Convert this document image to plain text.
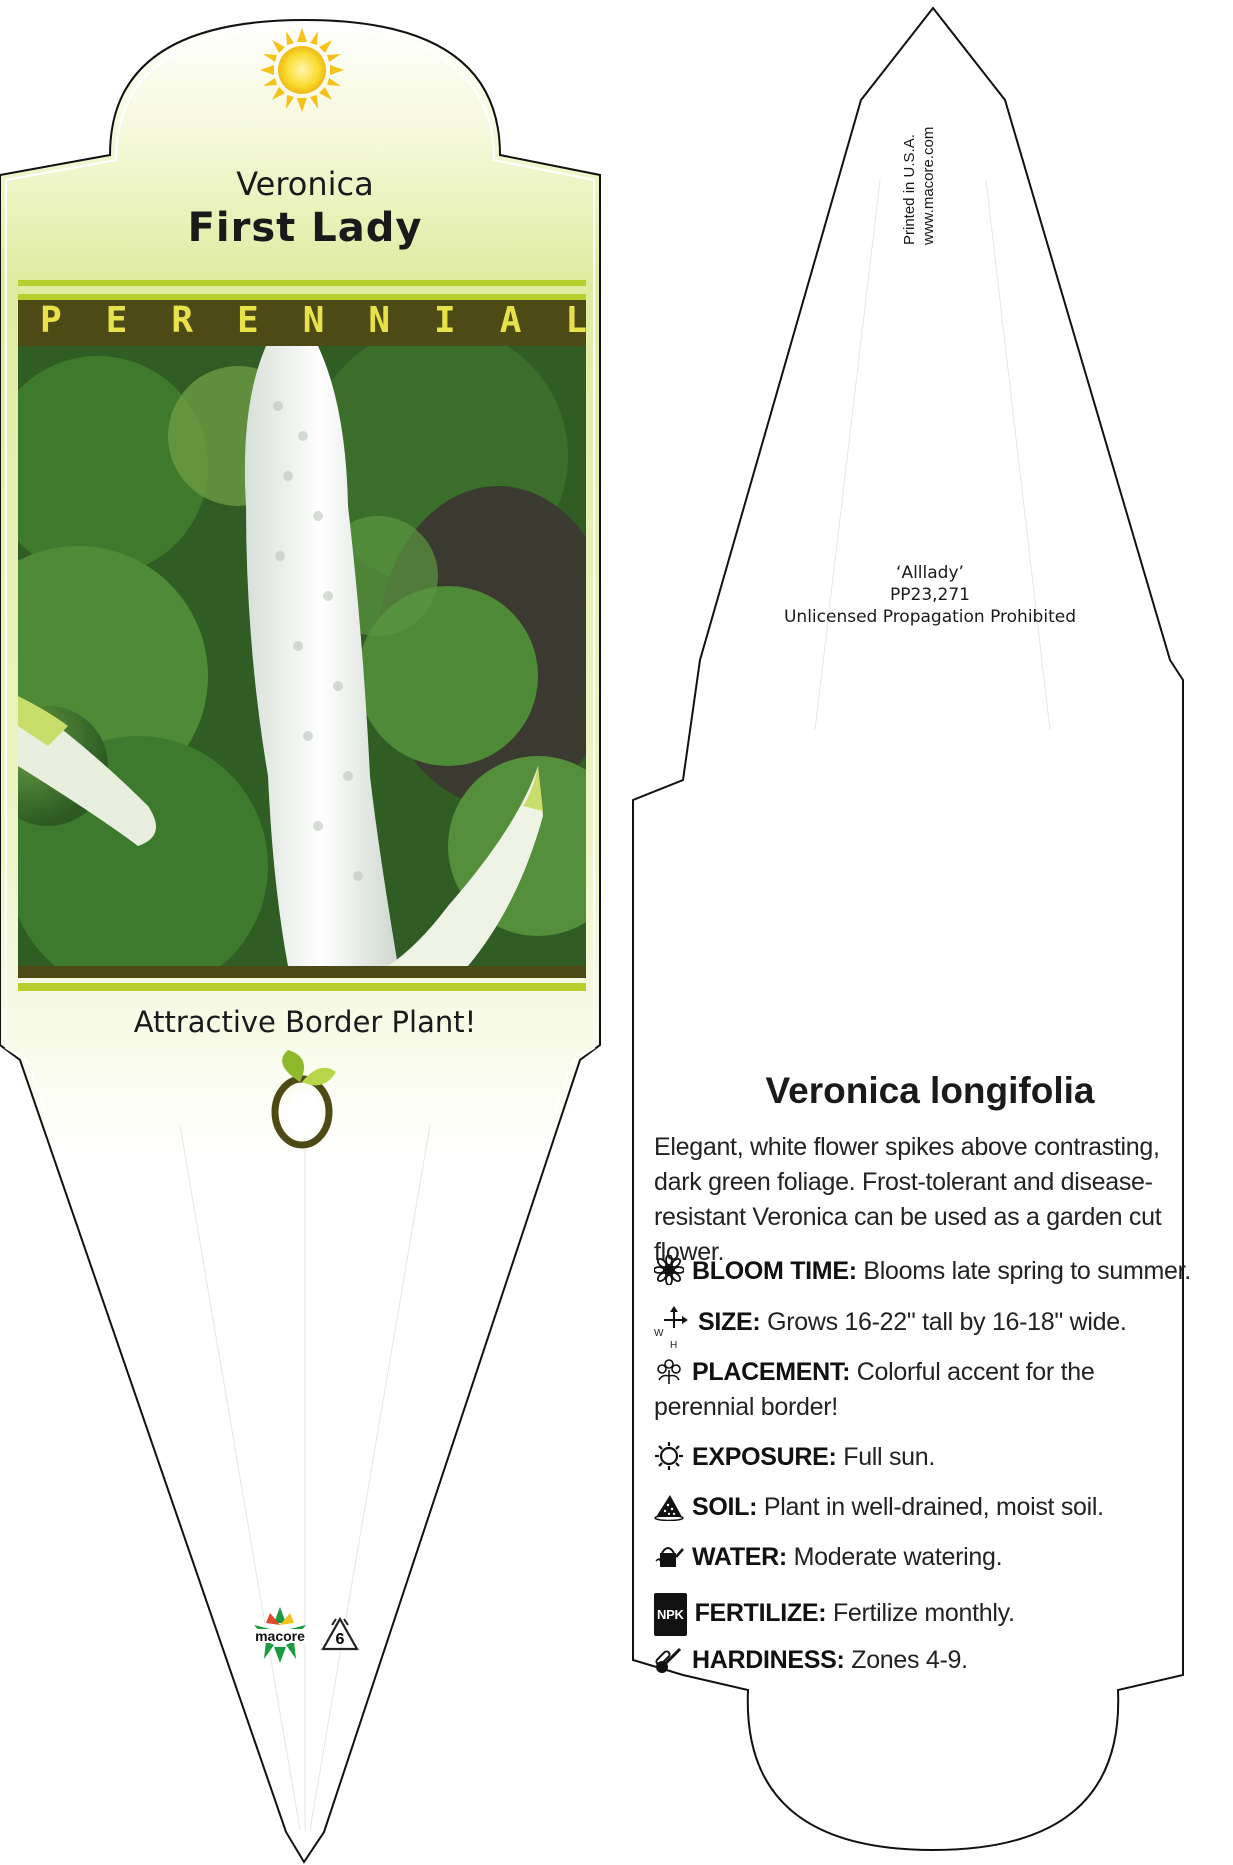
Veronica
First Lady
PERENNIAL
Attractive Border Plant!
macore	6
Printed in U.S.A. www.macore.com
‘Alllady’
PP23,271
Unlicensed Propagation Prohibited
Veronica longifolia
Elegant, white flower spikes above contrasting, dark green foliage. Frost-tolerant and disease-resistant Veronica can be used as a garden cut flower.
BLOOM TIME: Blooms late spring to summer.
W
H
SIZE: Grows 16-22" tall by 16-18" wide.
PLACEMENT: Colorful accent for the perennial border!
EXPOSURE: Full sun.
SOIL: Plant in well-drained, moist soil.
WATER: Moderate watering.
NPK FERTILIZE: Fertilize monthly.
HARDINESS: Zones 4-9.
